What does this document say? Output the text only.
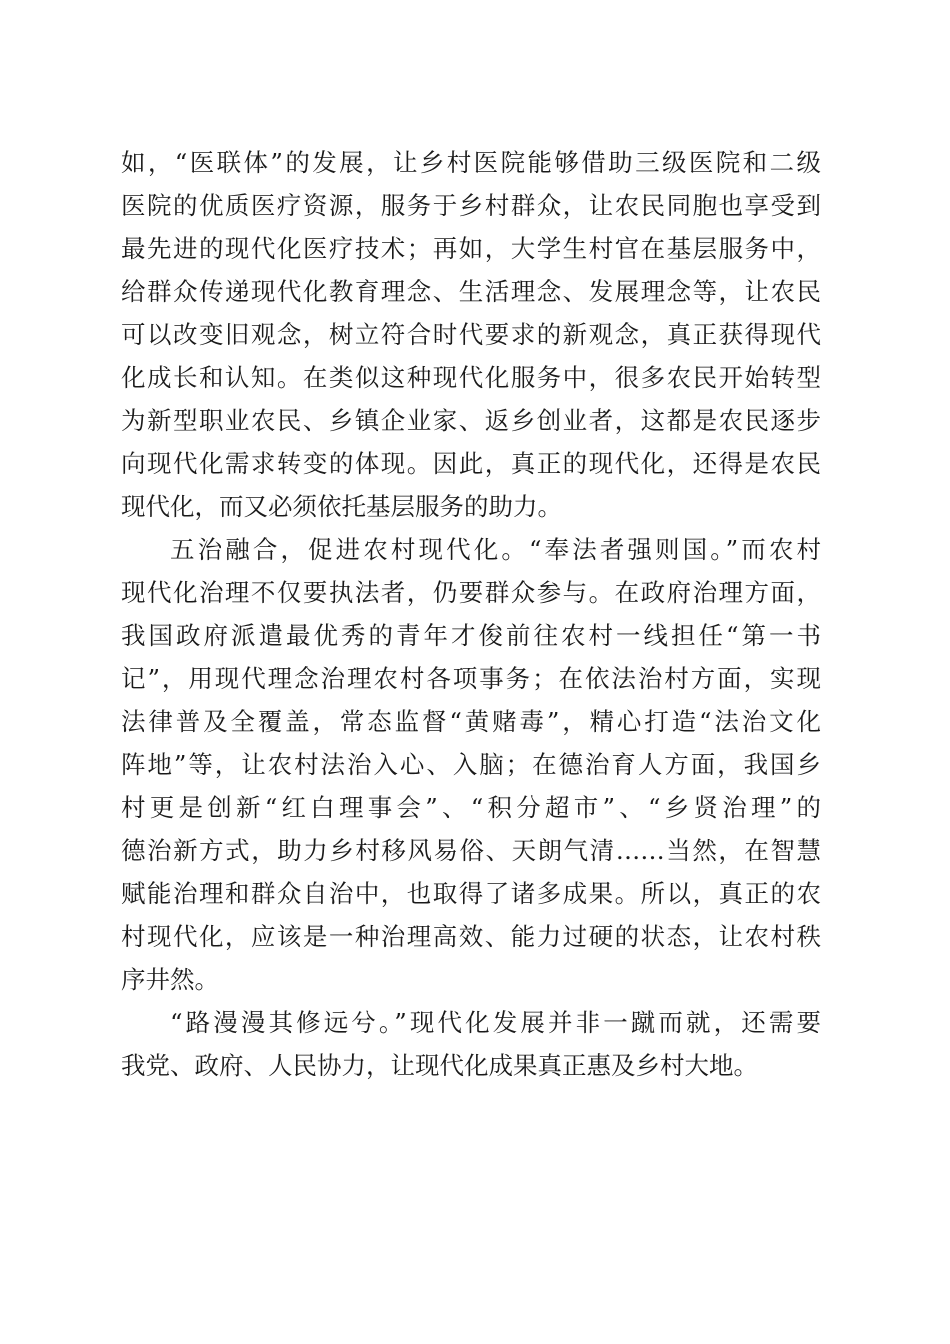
如，“医联体”的发展，让乡村医院能够借助三级医院和二级
医院的优质医疗资源，服务于乡村群众，让农民同胞也享受到
最先进的现代化医疗技术；再如，大学生村官在基层服务中，
给群众传递现代化教育理念、生活理念、发展理念等，让农民
可以改变旧观念，树立符合时代要求的新观念，真正获得现代
化成长和认知。在类似这种现代化服务中，很多农民开始转型
为新型职业农民、乡镇企业家、返乡创业者，这都是农民逐步
向现代化需求转变的体现。因此，真正的现代化，还得是农民
现代化，而又必须依托基层服务的助力。
五治融合，促进农村现代化。“奉法者强则国。”而农村
现代化治理不仅要执法者，仍要群众参与。在政府治理方面，
我国政府派遣最优秀的青年才俊前往农村一线担任“第一书
记”，用现代理念治理农村各项事务；在依法治村方面，实现
法律普及全覆盖，常态监督“黄赌毒”，精心打造“法治文化
阵地”等，让农村法治入心、入脑；在德治育人方面，我国乡
村更是创新“红白理事会”、“积分超市”、“乡贤治理”的
德治新方式，助力乡村移风易俗、天朗气清……当然，在智慧
赋能治理和群众自治中，也取得了诸多成果。所以，真正的农
村现代化，应该是一种治理高效、能力过硬的状态，让农村秩
序井然。
“路漫漫其修远兮。”现代化发展并非一蹴而就，还需要
我党、政府、人民协力，让现代化成果真正惠及乡村大地。
